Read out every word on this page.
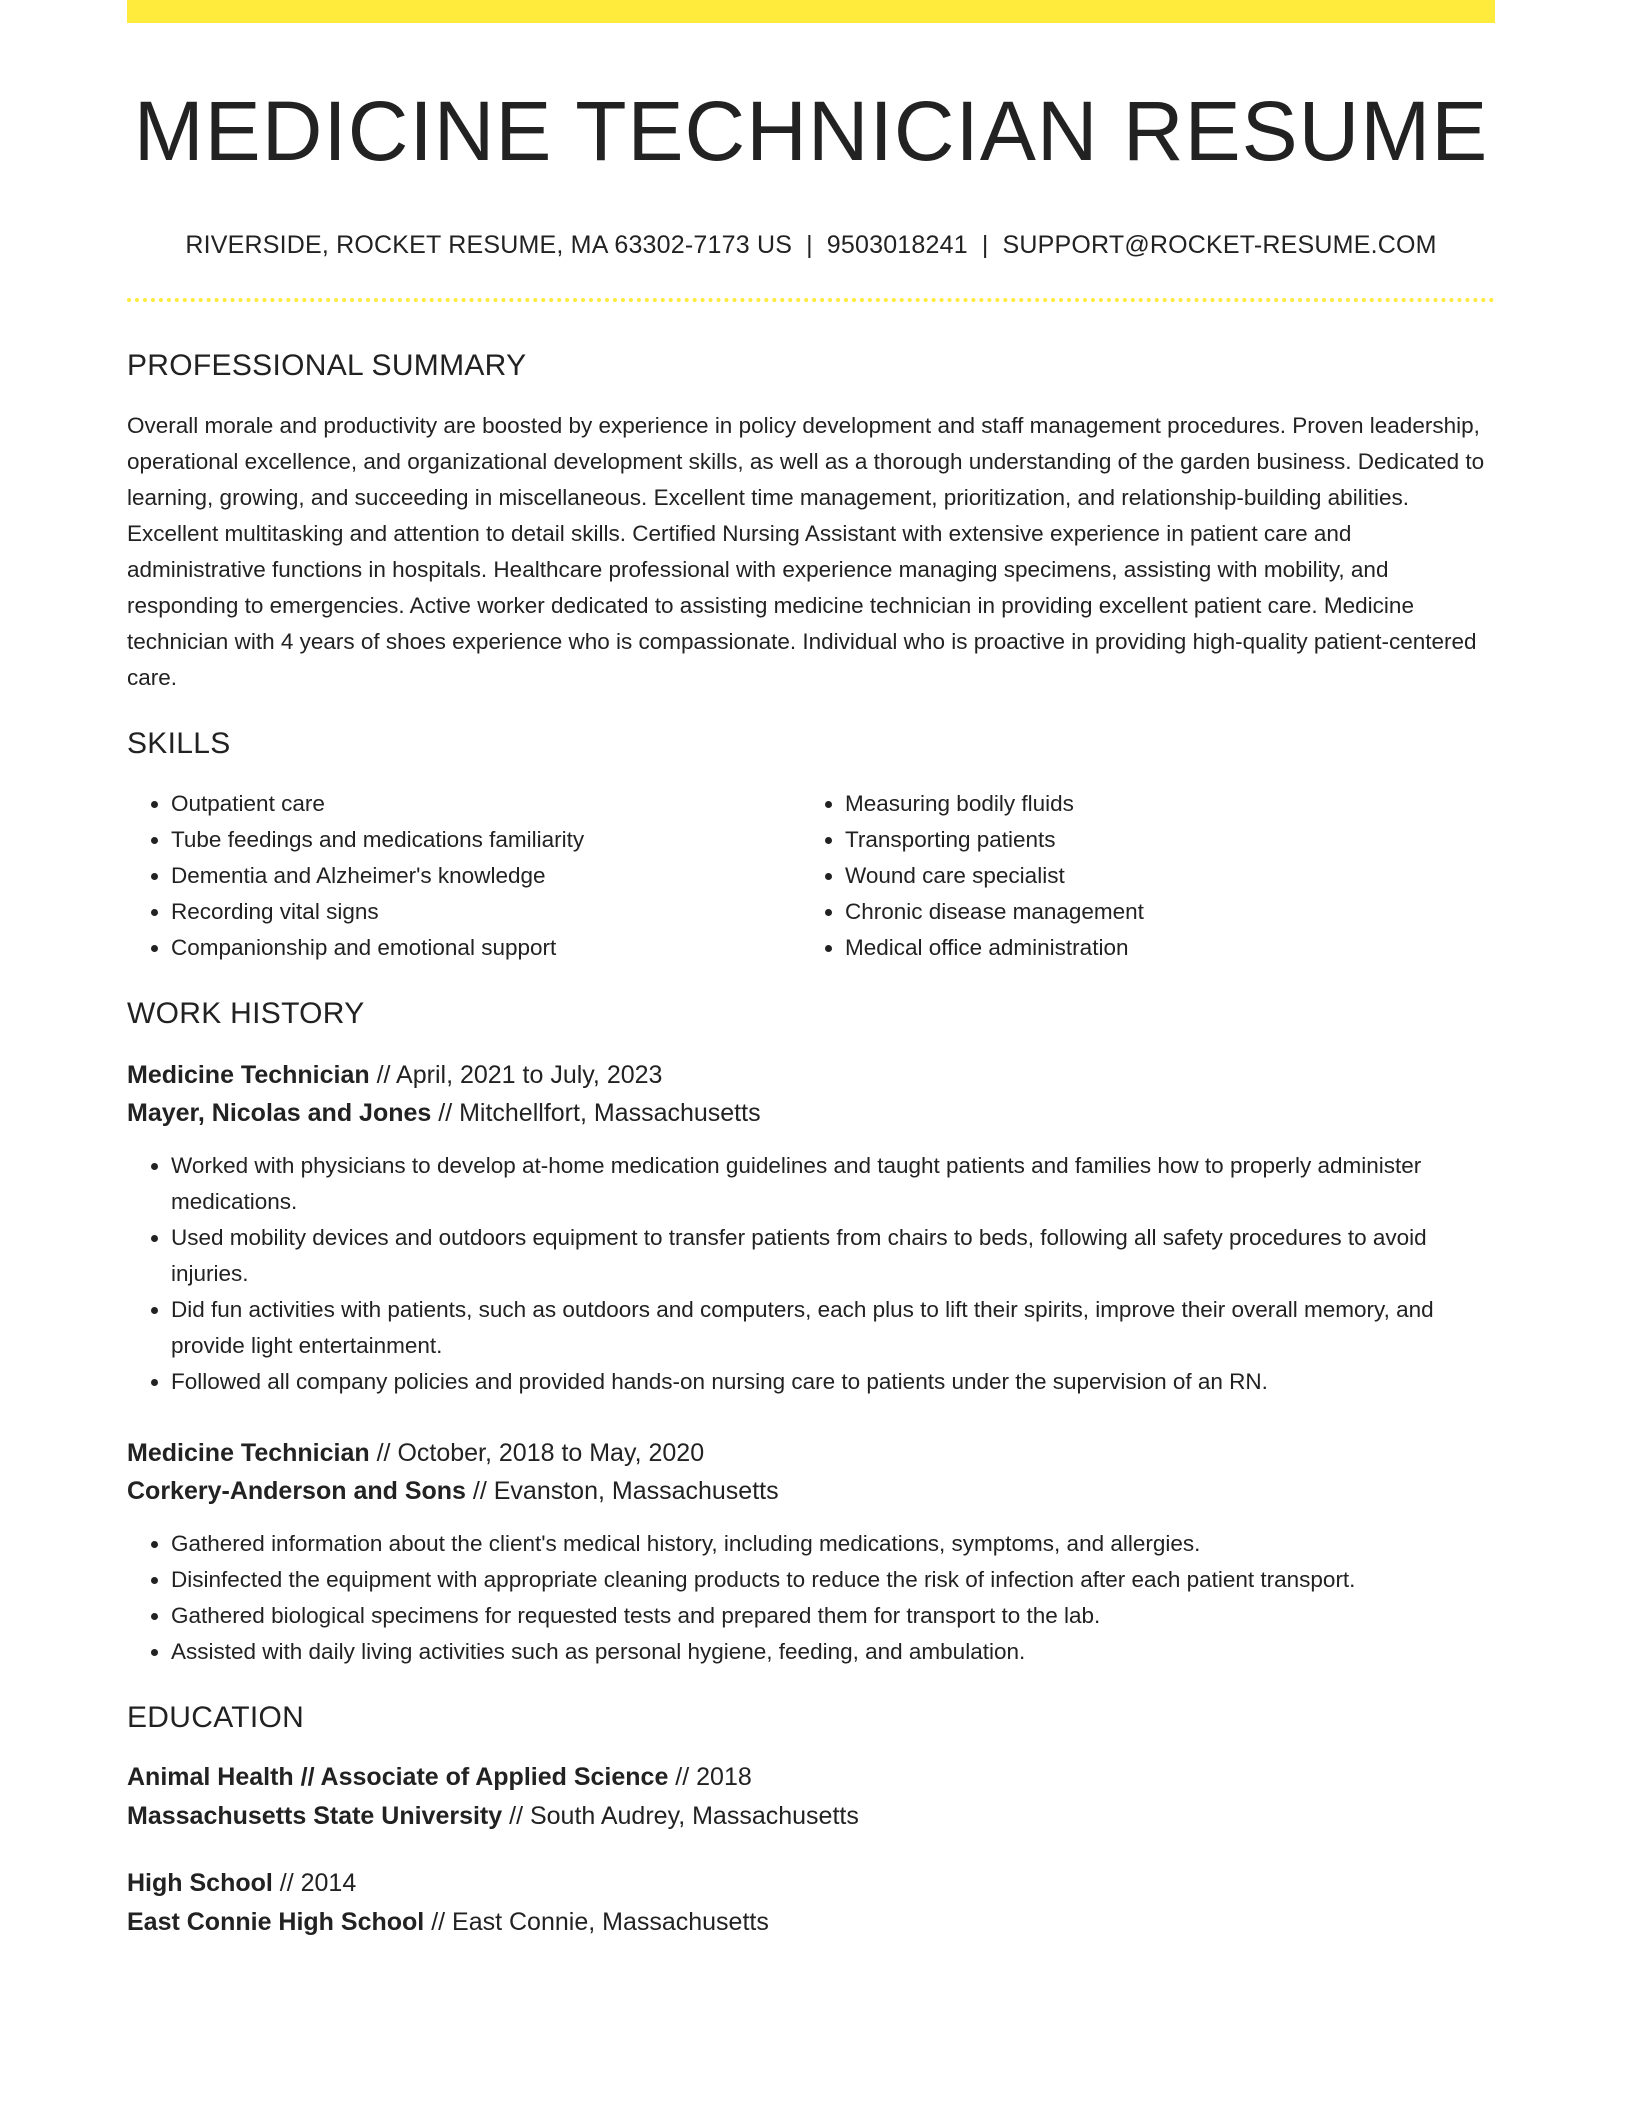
MEDICINE TECHNICIAN RESUME
RIVERSIDE, ROCKET RESUME, MA 63302-7173 US | 9503018241 | SUPPORT@ROCKET-RESUME.COM
PROFESSIONAL SUMMARY

Overall morale and productivity are boosted by experience in policy development and staff management procedures. Proven leadership, operational excellence, and organizational development skills, as well as a thorough understanding of the garden business. Dedicated to learning, growing, and succeeding in miscellaneous. Excellent time management, prioritization, and relationship-building abilities. Excellent multitasking and attention to detail skills. Certified Nursing Assistant with extensive experience in patient care and administrative functions in hospitals. Healthcare professional with experience managing specimens, assisting with mobility, and responding to emergencies. Active worker dedicated to assisting medicine technician in providing excellent patient care. Medicine technician with 4 years of shoes experience who is compassionate. Individual who is proactive in providing high-quality patient-centered care.

SKILLS
• Outpatient care
• Tube feedings and medications familiarity
• Dementia and Alzheimer's knowledge
• Recording vital signs
• Companionship and emotional support
• Measuring bodily fluids
• Transporting patients
• Wound care specialist
• Chronic disease management
• Medical office administration
WORK HISTORY
Medicine Technician // April, 2021 to July, 2023
Mayer, Nicolas and Jones // Mitchellfort, Massachusetts
• Worked with physicians to develop at-home medication guidelines and taught patients and families how to properly administer medications.
• Used mobility devices and outdoors equipment to transfer patients from chairs to beds, following all safety procedures to avoid injuries.
• Did fun activities with patients, such as outdoors and computers, each plus to lift their spirits, improve their overall memory, and provide light entertainment.
• Followed all company policies and provided hands-on nursing care to patients under the supervision of an RN.
Medicine Technician // October, 2018 to May, 2020
Corkery-Anderson and Sons // Evanston, Massachusetts
• Gathered information about the client's medical history, including medications, symptoms, and allergies.
• Disinfected the equipment with appropriate cleaning products to reduce the risk of infection after each patient transport.
• Gathered biological specimens for requested tests and prepared them for transport to the lab.
• Assisted with daily living activities such as personal hygiene, feeding, and ambulation.
EDUCATION
Animal Health // Associate of Applied Science // 2018
Massachusetts State University // South Audrey, Massachusetts
High School // 2014
East Connie High School // East Connie, Massachusetts
